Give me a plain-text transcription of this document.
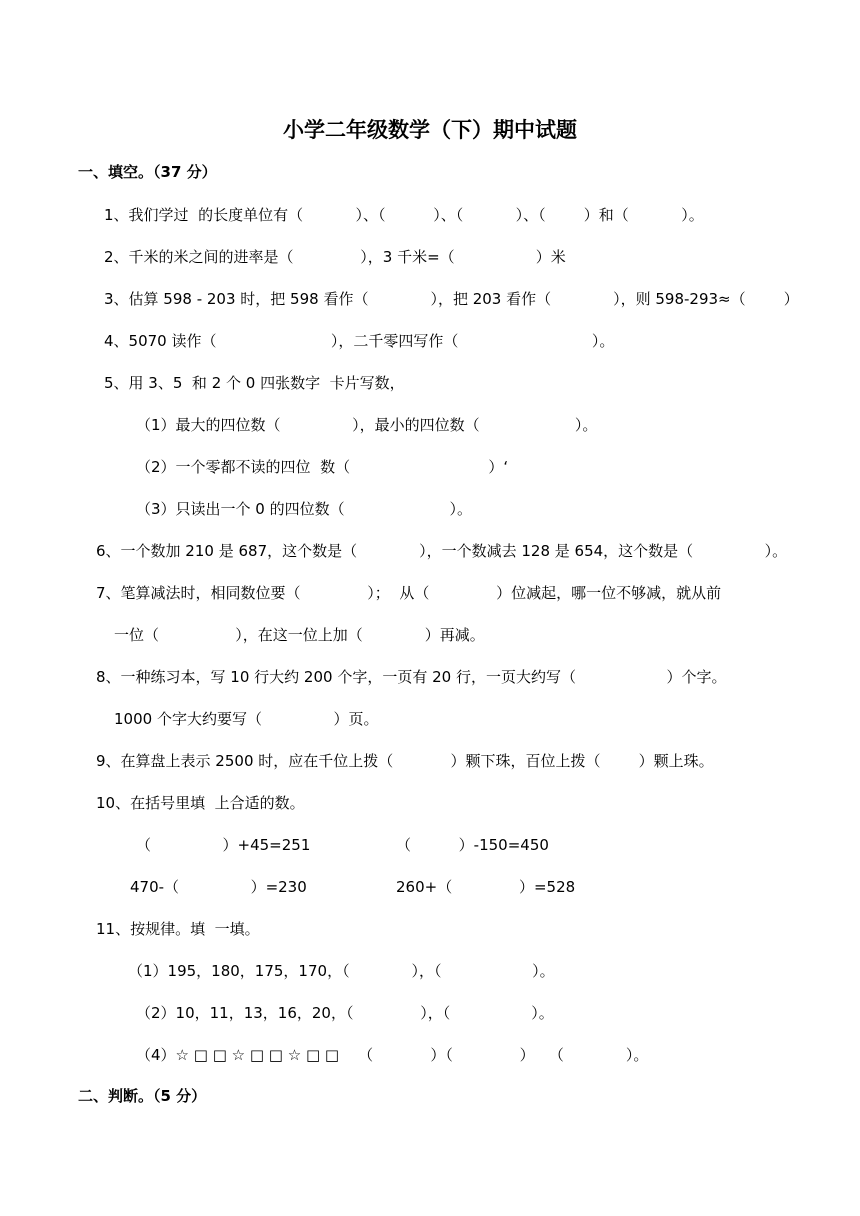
小学二年级数学（下）期中试题
一、填空。（37 分）
1、我们学过  的长度单位有（           ）、（          ）、（           ）、（        ）和（           ）。
2、千米的米之间的进率是（              ），3 千米=（                 ）米
3、估算 598 - 203 时，把 598 看作（             ），把 203 看作（             ），则 598-293≈（        ）
4、5070 读作（                        ），二千零四写作（                            ）。
5、用 3、5  和 2 个 0 四张数字  卡片写数，
（1）最大的四位数（               ），最小的四位数（                    ）。
（2）一个零都不读的四位  数（                             ）‘
（3）只读出一个 0 的四位数（                      ）。
6、一个数加 210 是 687，这个数是（             ），一个数减去 128 是 654，这个数是（               ）。
7、笔算减法时，相同数位要（              ）；  从（              ）位减起，哪一位不够减，就从前
一位（                ），在这一位上加（             ）再减。
8、一种练习本，写 10 行大约 200 个字，一页有 20 行，一页大约写（                   ）个字。
1000 个字大约要写（               ）页。
9、在算盘上表示 2500 时，应在千位上拨（            ）颗下珠，百位上拨（        ）颗上珠。
10、在括号里填  上合适的数。
（               ）+45=251	（          ）-150=450
470-（               ）=230	260+（              ）=528
11、按规律。填  一填。
（1）195，180，175，170，（             ），（                   ）。
（2）10，11，13，16，20，（              ），（                 ）。
（4）☆ □ □ ☆ □ □ ☆ □ □    （            ）（              ）   （             ）。
二、判断。（5 分）
